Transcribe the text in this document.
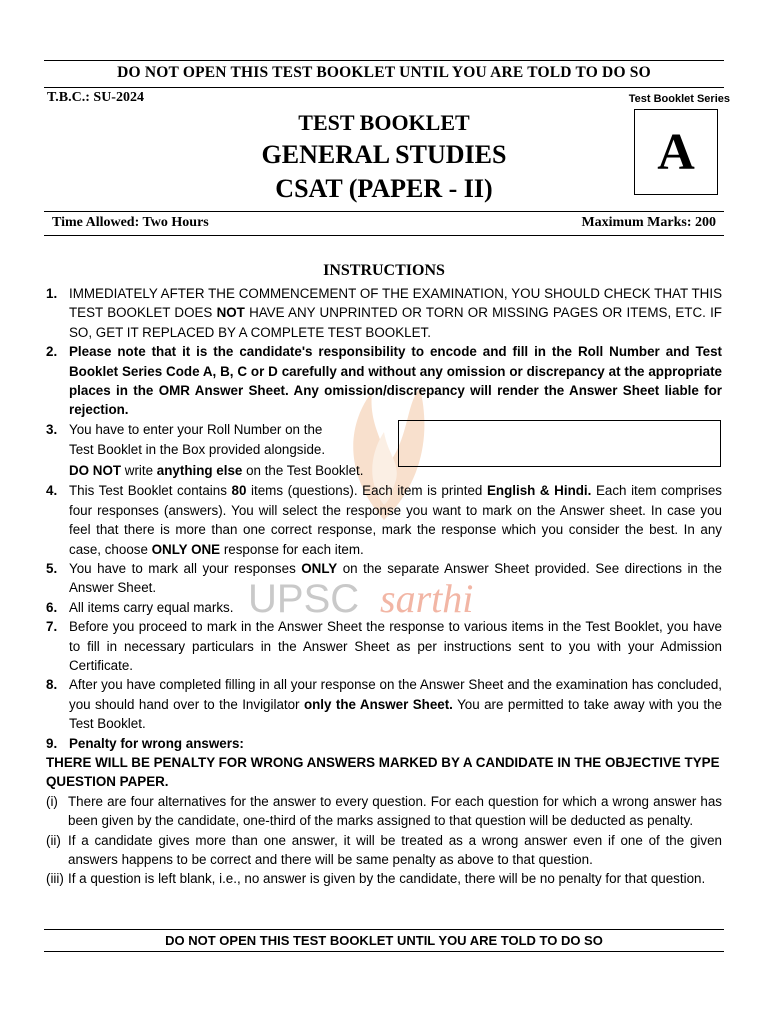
UPSC sarthi
DO NOT OPEN THIS TEST BOOKLET UNTIL YOU ARE TOLD TO DO SO
T.B.C.: SU-2024	Test Booklet Series
A
TEST BOOKLET
GENERAL STUDIES
CSAT (PAPER - II)
Time Allowed: Two Hours	Maximum Marks: 200
INSTRUCTIONS
1. IMMEDIATELY AFTER THE COMMENCEMENT OF THE EXAMINATION, YOU SHOULD CHECK THAT THIS TEST BOOKLET DOES NOT HAVE ANY UNPRINTED OR TORN OR MISSING PAGES OR ITEMS, ETC. IF SO, GET IT REPLACED BY A COMPLETE TEST BOOKLET.
2. Please note that it is the candidate's responsibility to encode and fill in the Roll Number and Test Booklet Series Code A, B, C or D carefully and without any omission or discrepancy at the appropriate places in the OMR Answer Sheet. Any omission/discrepancy will render the Answer Sheet liable for rejection.
3. You have to enter your Roll Number on the
Test Booklet in the Box provided alongside.
DO NOT write anything else on the Test Booklet.
4. This Test Booklet contains 80 items (questions). Each item is printed English & Hindi. Each item comprises four responses (answers). You will select the response you want to mark on the Answer sheet. In case you feel that there is more than one correct response, mark the response which you consider the best. In any case, choose ONLY ONE response for each item.
5. You have to mark all your responses ONLY on the separate Answer Sheet provided. See directions in the Answer Sheet.
6. All items carry equal marks.
7. Before you proceed to mark in the Answer Sheet the response to various items in the Test Booklet, you have to fill in necessary particulars in the Answer Sheet as per instructions sent to you with your Admission Certificate.
8. After you have completed filling in all your response on the Answer Sheet and the examination has concluded, you should hand over to the Invigilator only the Answer Sheet. You are permitted to take away with you the Test Booklet.
9. Penalty for wrong answers:
THERE WILL BE PENALTY FOR WRONG ANSWERS MARKED BY A CANDIDATE IN THE OBJECTIVE TYPE QUESTION PAPER.
(i) There are four alternatives for the answer to every question. For each question for which a wrong answer has been given by the candidate, one-third of the marks assigned to that question will be deducted as penalty.
(ii) If a candidate gives more than one answer, it will be treated as a wrong answer even if one of the given answers happens to be correct and there will be same penalty as above to that question.
(iii) If a question is left blank, i.e., no answer is given by the candidate, there will be no penalty for that question.
DO NOT OPEN THIS TEST BOOKLET UNTIL YOU ARE TOLD TO DO SO
